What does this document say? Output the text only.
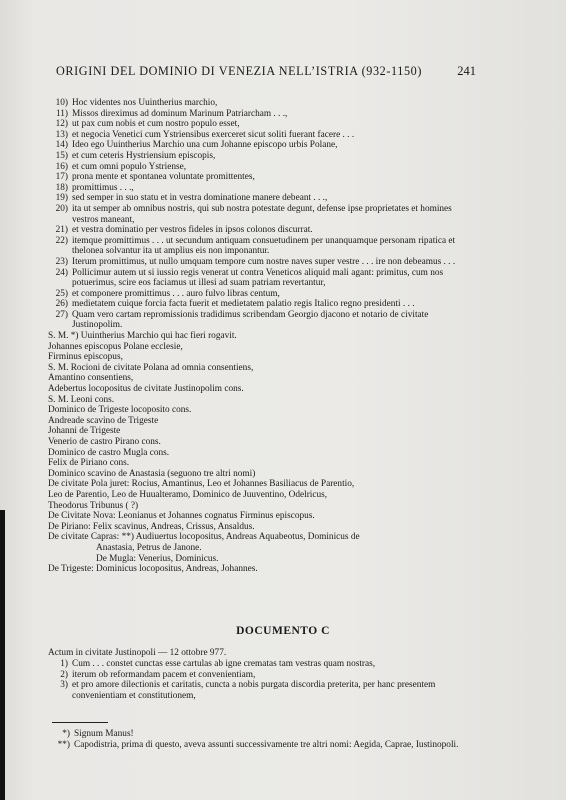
ORIGINI DEL DOMINIO DI VENEZIA NELL’ISTRIA (932-1150)	241
10) Hoc videntes nos Uuintherius marchio,
11) Missos direximus ad dominum Marinum Patriarcham . . .,
12) ut pax cum nobis et cum nostro populo esset,
13) et negocia Venetici cum Ystriensibus exerceret sicut soliti fuerant facere . . .
14) Ideo ego Uuintherius Marchio una cum Johanne episcopo urbis Polane,
15) et cum ceteris Hystriensium episcopis,
16) et cum omni populo Ystriense,
17) prona mente et spontanea voluntate promittentes,
18) promittimus . . .,
19) sed semper in suo statu et in vestra dominatione manere debeant . . .,
20) ita ut semper ab omnibus nostris, qui sub nostra potestate degunt, defense ipse proprietates et homines vestros maneant,
21) et vestra dominatio per vestros fideles in ipsos colonos discurrat.
22) itemque promittimus . . . ut secundum antiquam consuetudinem per unanquamque personam ripatica et theloneа solvantur ita ut amplius eis non imponantur.
23) Iterum promittimus, ut nullo umquam tempore cum nostre naves super vestre . . . ire non debeamus . . .
24) Pollicimur autem ut si iussio regis venerat ut contra Veneticos aliquid mali agant: primitus, cum nos potuerimus, scire eos faciamus ut illesi ad suam patriam revertantur,
25) et componere promittimus . . . auro fulvo libras centum,
26) medietatem cuique forcia facta fuerit et medietatem palatio regis Italico regno presidenti . . .
27) Quam vero cartam repromissionis tradidimus scribendam Georgio djacono et notario de civitate Justinopolim.
S. M. *) Uuintherius Marchio qui hac fieri rogavit.
Johannes episcopus Polane ecclesie,
Firminus episcopus,
S. M. Rocioni de civitate Polana ad omnia consentiens,
Amantino consentiens,
Adebertus locopositus de civitate Justinopolim cons.
S. M. Leoni cons.
Dominico de Trigeste locoposito cons.
Andreade scavino de Trigeste
Johanni de Trigeste
Venerio de castro Pirano cons.
Dominico de castro Mugla cons.
Felix de Piriano cons.
Dominico scavino de Anastasia (seguono tre altri nomi)
De civitate Pola juret: Rocius, Amantinus, Leo et Johannes Basiliacus de Parentio,
Leo de Parentio, Leo de Huualteramo, Dominico de Juuventino, Odelricus,
Theodorus Tribunus ( ?)
De Civitate Nova: Leonianus et Johannes cognatus Firminus episcopus.
De Piriano: Felix scavinus, Andreas, Crissus, Ansaldus.
De civitate Capras: **) Audiuertus locopositus, Andreas Aquabeotus, Dominicus de
Anastasia, Petrus de Janone.
De Mugla: Venerius, Dominicus.
De Trigeste: Dominicus locopositus, Andreas, Johannes.
DOCUMENTO C
Actum in civitate Justinopoli — 12 ottobre 977.
1) Cum . . . constet cunctas esse cartulas ab igne crematas tam vestras quam nostras,
2) iterum ob reformandam pacem et convenientiam,
3) et pro amore dilectionis et caritatis, cuncta a nobis purgata discordia preterita, per hanc presentem convenientiam et constitutionem,
*) Signum Manus!
**) Capodistria, prima di questo, aveva assunti successivamente tre altri nomi: Aegida, Caprae, Iustinopoli.
